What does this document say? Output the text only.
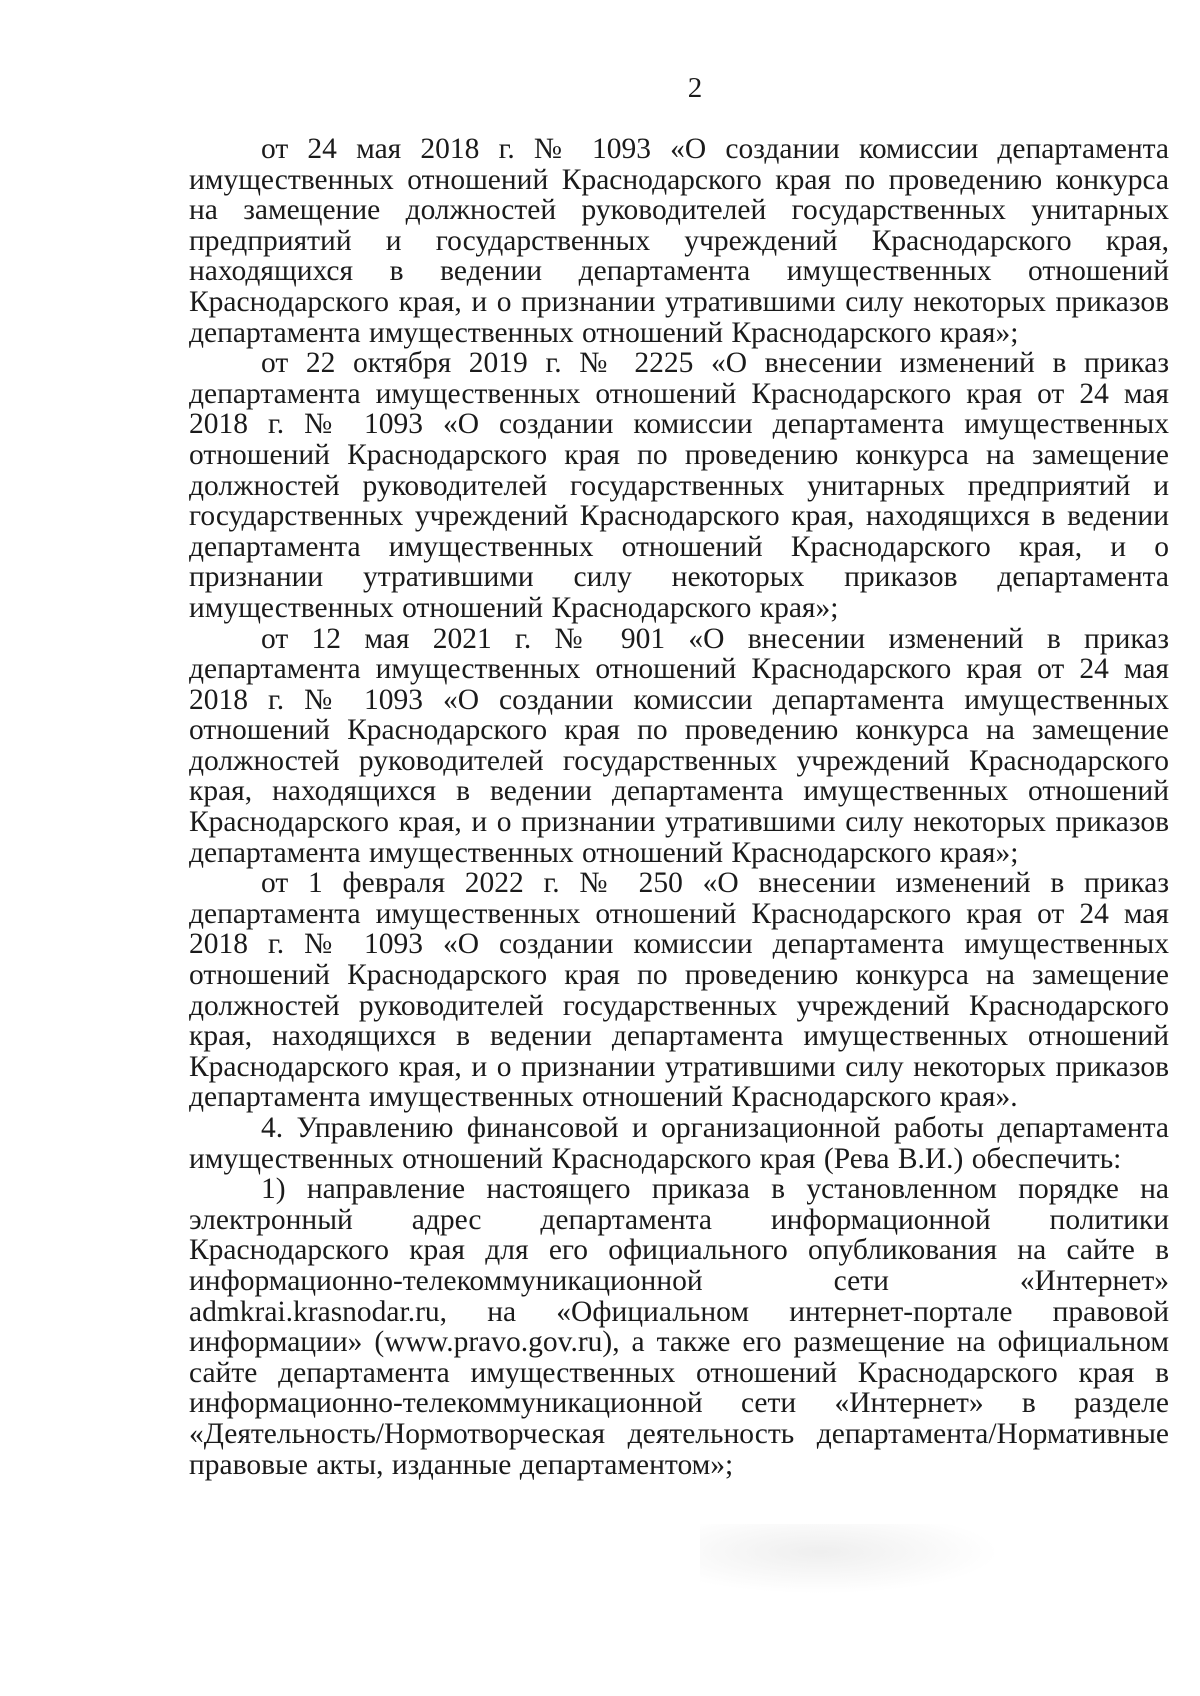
2

от 24 мая 2018 г. № 1093 «О создании комиссии департамента имущественных отношений Краснодарского края по проведению конкурса на замещение должностей руководителей государственных унитарных предприятий и государственных учреждений Краснодарского края, находящихся в ведении департамента имущественных отношений Краснодарского края, и о признании утратившими силу некоторых приказов департамента имущественных отношений Краснодарского края»;

от 22 октября 2019 г. № 2225 «О внесении изменений в приказ департамента имущественных отношений Краснодарского края от 24 мая 2018 г. № 1093 «О создании комиссии департамента имущественных отношений Краснодарского края по проведению конкурса на замещение должностей руководителей государственных унитарных предприятий и государственных учреждений Краснодарского края, находящихся в ведении департамента имущественных отношений Краснодарского края, и о признании утратившими силу некоторых приказов департамента имущественных отношений Краснодарского края»;

от 12 мая 2021 г. № 901 «О внесении изменений в приказ департамента имущественных отношений Краснодарского края от 24 мая 2018 г. № 1093 «О создании комиссии департамента имущественных отношений Краснодарского края по проведению конкурса на замещение должностей руководителей государственных учреждений Краснодарского края, находящихся в ведении департамента имущественных отношений Краснодарского края, и о признании утратившими силу некоторых приказов департамента имущественных отношений Краснодарского края»;

от 1 февраля 2022 г. № 250 «О внесении изменений в приказ департамента имущественных отношений Краснодарского края от 24 мая 2018 г. № 1093 «О создании комиссии департамента имущественных отношений Краснодарского края по проведению конкурса на замещение должностей руководителей государственных учреждений Краснодарского края, находящихся в ведении департамента имущественных отношений Краснодарского края, и о признании утратившими силу некоторых приказов департамента имущественных отношений Краснодарского края».

4. Управлению финансовой и организационной работы департамента имущественных отношений Краснодарского края (Рева В.И.) обеспечить:

1) направление настоящего приказа в установленном порядке на электронный адрес департамента информационной политики Краснодарского края для его официального опубликования на сайте в информационно-телекоммуникационной сети «Интернет» admkrai.krasnodar.ru, на «Официальном интернет-портале правовой информации» (www.pravo.gov.ru), а также его размещение на официальном сайте департамента имущественных отношений Краснодарского края в информационно-телекоммуникационной сети «Интернет» в разделе «Деятельность/Нормотворческая деятельность департамента/Нормативные правовые акты, изданные департаментом»;
